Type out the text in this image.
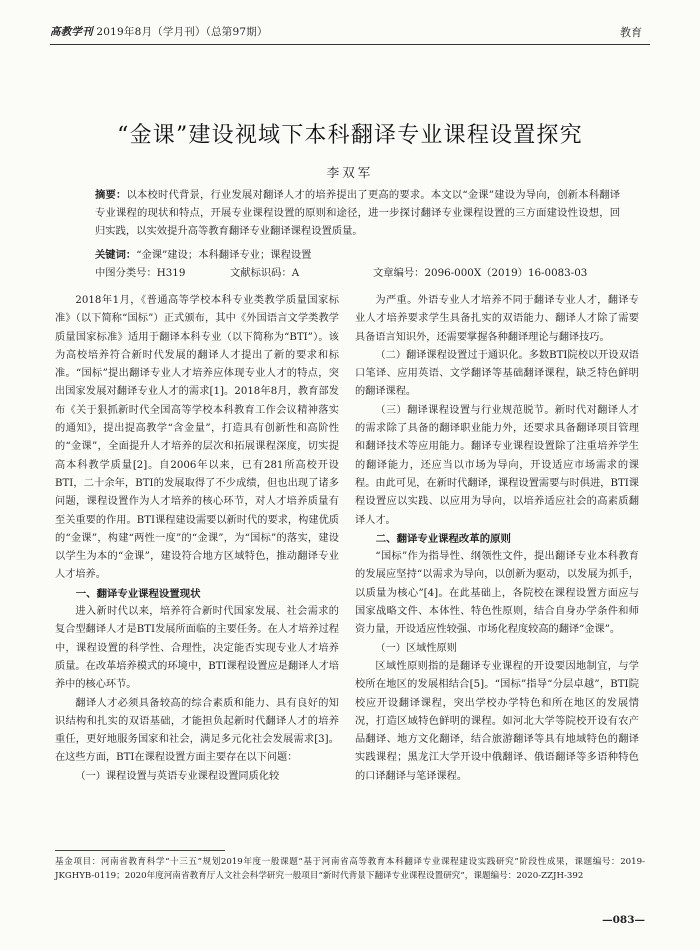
高教学刊 2019年8月（学月刊）（总第97期）	教育
“金课”建设视域下本科翻译专业课程设置探究
李双军
摘要：以本校时代背景，行业发展对翻译人才的培养提出了更高的要求。本文以“金课”建设为导向，创新本科翻译专业课程的现状和特点，开展专业课程设置的原则和途径，进一步探讨翻译专业课程设置的三方面建设性设想，回归实践，以实效提升高等教育翻译专业翻译课程设置质量。
关键词：“金课”建设；本科翻译专业；课程设置
中图分类号：H319	文献标识码：A	文章编号：2096-000X（2019）16-0083-03

2018年1月，《普通高等学校本科专业类教学质量国家标准》（以下简称“国标”）正式颁布，其中《外国语言文学类教学质量国家标准》适用于翻译本科专业（以下简称为“BTI”）。该为高校培养符合新时代发展的翻译人才提出了新的要求和标准。“国标”提出翻译专业人才培养应体现专业人才的特点，突出国家发展对翻译专业人才的需求[1]。2018年8月，教育部发布《关于狠抓新时代全国高等学校本科教育工作会议精神落实的通知》，提出提高教学“含金量”，打造具有创新性和高阶性的“金课”，全面提升人才培养的层次和拓展课程深度，切实提高本科教学质量[2]。自2006年以来，已有281所高校开设BTI，二十余年，BTI的发展取得了不少成绩，但也出现了诸多问题，课程设置作为人才培养的核心环节，对人才培养质量有至关重要的作用。BTI课程建设需要以新时代的要求，构建优质的“金课”，构建“两性一度”的“金课”，为“国标”的落实，建设以学生为本的“金课”，建设符合地方区域特色，推动翻译专业人才培养。

一、翻译专业课程设置现状

进入新时代以来，培养符合新时代国家发展、社会需求的复合型翻译人才是BTI发展所面临的主要任务。在人才培养过程中，课程设置的科学性、合理性，决定能否实现专业人才培养质量。在改革培养模式的环境中，BTI课程设置应是翻译人才培养中的核心环节。

翻译人才必须具备较高的综合素质和能力、具有良好的知识结构和扎实的双语基础，才能担负起新时代翻译人才的培养重任，更好地服务国家和社会，满足多元化社会发展需求[3]。在这些方面，BTI在课程设置方面主要存在以下问题：

（一）课程设置与英语专业课程设置同质化较

为严重。外语专业人才培养不同于翻译专业人才，翻译专业人才培养要求学生具备扎实的双语能力、翻译人才除了需要具备语言知识外，还需要掌握各种翻译理论与翻译技巧。

（二）翻译课程设置过于通识化。多数BTI院校以开设双语口笔译、应用英语、文学翻译等基础翻译课程，缺乏特色鲜明的翻译课程。

（三）翻译课程设置与行业规范脱节。新时代对翻译人才的需求除了具备的翻译职业能力外，还要求具备翻译项目管理和翻译技术等应用能力。翻译专业课程设置除了注重培养学生的翻译能力，还应当以市场为导向，开设适应市场需求的课程。由此可见，在新时代翻译，课程设置需要与时俱进，BTI课程设置应以实践、以应用为导向，以培养适应社会的高素质翻译人才。

二、翻译专业课程改革的原则

“国标”作为指导性、纲领性文件，提出翻译专业本科教育的发展应坚持“以需求为导向，以创新为驱动，以发展为抓手，以质量为核心”[4]。在此基础上，各院校在课程设置方面应与国家战略文件、本体性、特色性原则，结合自身办学条件和师资力量，开设适应性较强、市场化程度较高的翻译“金课”。

（一）区域性原则

区域性原则指的是翻译专业课程的开设要因地制宜，与学校所在地区的发展相结合[5]。“国标”指导“分层卓越”，BTI院校应开设翻译课程，突出学校办学特色和所在地区的发展情况，打造区域特色鲜明的课程。如河北大学等院校开设有农产品翻译、地方文化翻译，结合旅游翻译等具有地域特色的翻译实践课程；黑龙江大学开设中俄翻译、俄语翻译等多语种特色的口译翻译与笔译课程。

基金项目：河南省教育科学“十三五”规划2019年度一般课题“基于河南省高等教育本科翻译专业课程建设实践研究”阶段性成果，课题编号：2019-JKGHYB-0119；2020年度河南省教育厅人文社会科学研究一般项目“新时代背景下翻译专业课程设置研究”，课题编号：2020-ZZJH-392
—083—
